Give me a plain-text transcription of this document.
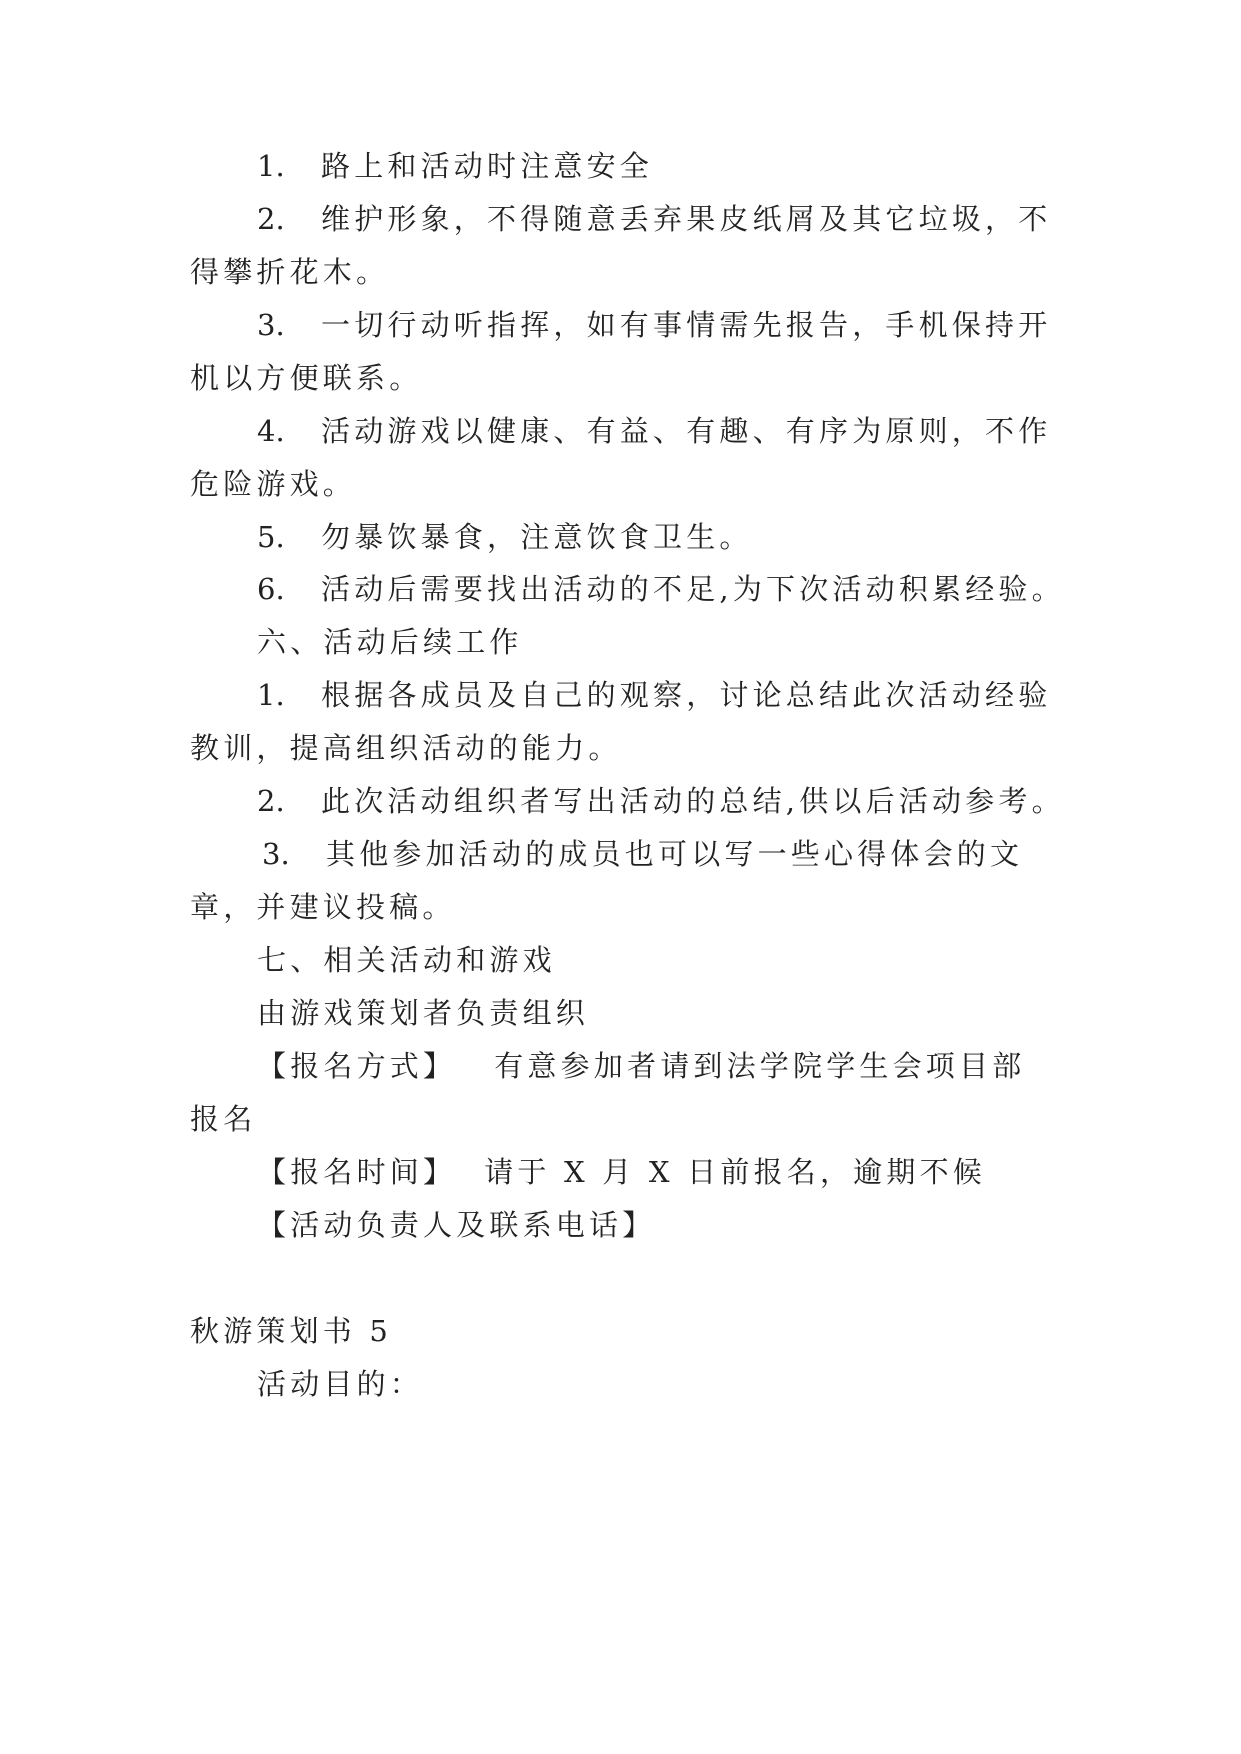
1. 路上和活动时注意安全
2. 维护形象，不得随意丢弃果皮纸屑及其它垃圾，不
得攀折花木。
3. 一切行动听指挥，如有事情需先报告，手机保持开
机以方便联系。
4. 活动游戏以健康、有益、有趣、有序为原则，不作
危险游戏。
5. 勿暴饮暴食，注意饮食卫生。
6. 活动后需要找出活动的不足,为下次活动积累经验。
六、活动后续工作
1. 根据各成员及自己的观察，讨论总结此次活动经验
教训，提高组织活动的能力。
2. 此次活动组织者写出活动的总结,供以后活动参考。
3. 其他参加活动的成员也可以写一些心得体会的文
章，并建议投稿。
七、相关活动和游戏
由游戏策划者负责组织
【报名方式】 有意参加者请到法学院学生会项目部
报名
【报名时间】 请于 X 月 X 日前报名，逾期不候
【活动负责人及联系电话】
秋游策划书 5
活动目的：
